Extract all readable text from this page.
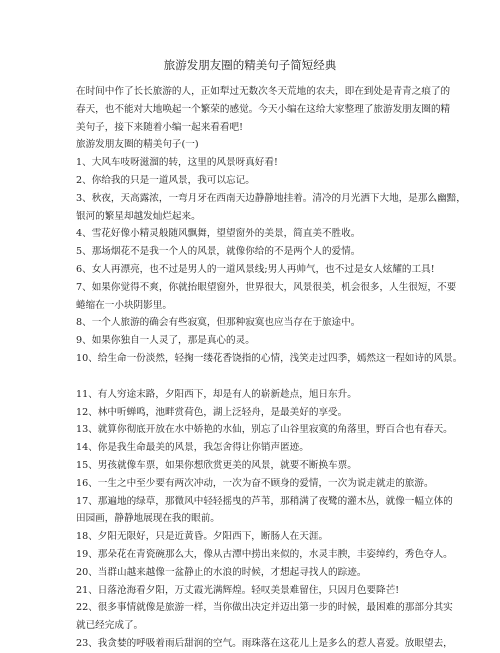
旅游发朋友圈的精美句子简短经典
在时间中作了长长旅游的人，正如犁过无数次冬天荒地的农夫，即在到处是青青之痕了的
春天，也不能对大地唤起一个繁荣的感觉。今天小编在这给大家整理了旅游发朋友圈的精
美句子，接下来随着小编一起来看看吧!
旅游发朋友圈的精美句子(一)
1、大风车吱呀滋溜的转，这里的风景呀真好看!
2、你给我的只是一道风景，我可以忘记。
3、秋夜，天高露浓，一弯月牙在西南天边静静地挂着。清冷的月光洒下大地，是那么幽黯，
银河的繁星却越发灿烂起来。
4、雪花好像小精灵般随风飘舞，望望窗外的美景，简直美不胜收。
5、那场烟花不是我一个人的风景，就像你给的不是两个人的爱情。
6、女人再漂亮，也不过是男人的一道风景线;男人再帅气，也不过是女人炫耀的工具!
7、如果你觉得不爽，你就抬眼望窗外，世界很大，风景很美，机会很多，人生很短，不要
蜷缩在一小块阴影里。
8、一个人旅游的确会有些寂寞，但那种寂寞也应当存在于旅途中。
9、如果你独自一人灵了，那是真心的灵。
10、给生命一份淡然，轻掬一缕花香饶指的心情，浅笑走过四季，嫣然这一程如诗的风景。
11、有人穷途末路，夕阳西下，却是有人的崭新趁点，旭日东升。
12、林中听蝉鸣，池畔赏荷色，湖上泛轻舟，是最美好的享受。
13、就算你彻底开放在水中娇艳的水仙，别忘了山谷里寂寞的角落里，野百合也有春天。
14、你是我生命最美的风景，我怎舍得让你销声匿迹。
15、男孩就像车票，如果你想欣赏更美的风景，就要不断换车票。
16、一生之中至少要有两次冲动，一次为奋不顾身的爱情，一次为说走就走的旅游。
17、那遍地的绿草，那微风中轻轻摇曳的芦苇，那稍满了夜鹭的灌木丛，就像一幅立体的
田园画，静静地展现在我的眼前。
18、夕阳无限好，只是近黄昏。夕阳西下，断肠人在天涯。
19、那朵花在青瓷碗那么大，像从古潭中捞出来似的，水灵丰腴，丰姿绰约，秀色夺人。
20、当群山越来越像一盆静止的水浪的时候，才想起寻找人的踪迹。
21、日落沧海看夕阳，万丈霞光满辉煌。轻叹美景难留住，只因月色要降芒!
22、很多事情就像是旅游一样，当你做出决定并迈出第一步的时候，最困难的那部分其实
就已经完成了。
23、我贪婪的呼吸着雨后甜润的空气。雨珠落在这花儿上是多么的惹人喜爱。放眼望去，
